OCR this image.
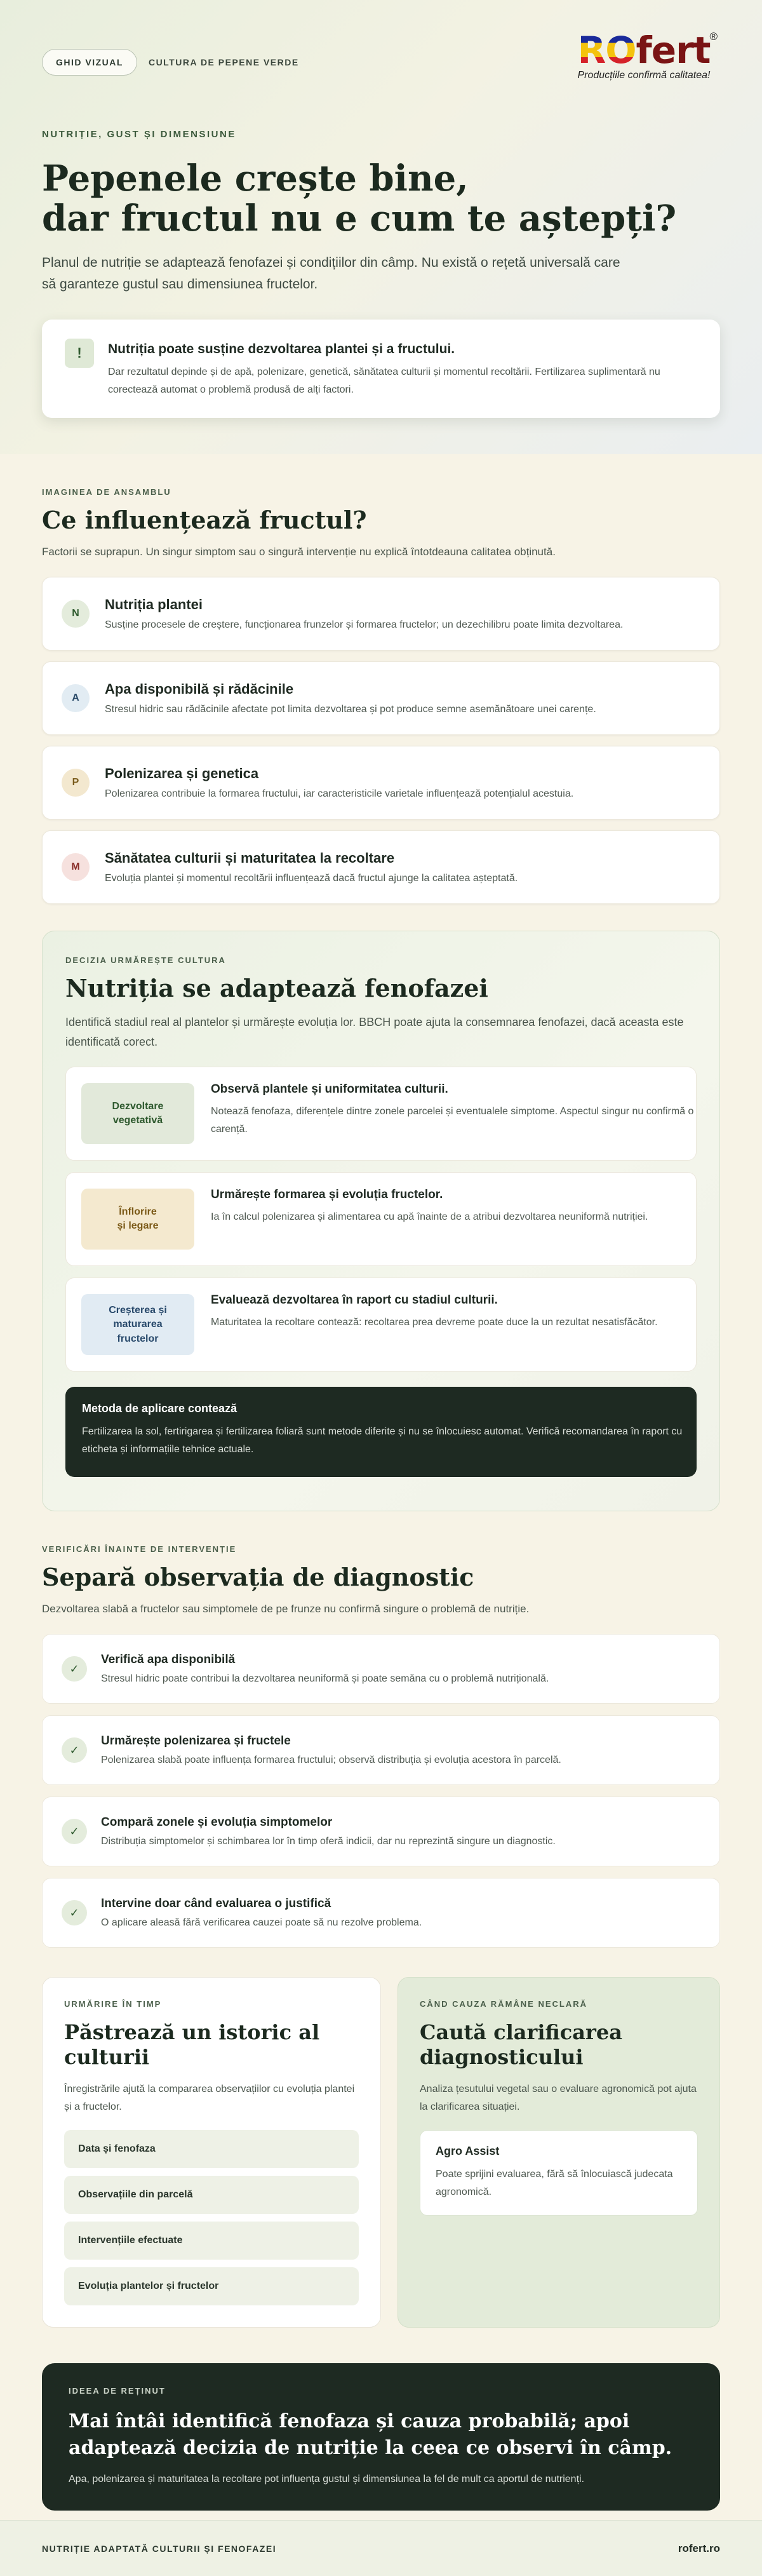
GHID VIZUAL	CULTURA DE PEPENE VERDE	ROfert ®
Producțiile confirmă calitatea!
NUTRIȚIE, GUST ȘI DIMENSIUNE
Pepenele crește bine,
dar fructul nu e cum te aștepți?

Planul de nutriție se adaptează fenofazei și condițiilor din câmp. Nu există o rețetă universală care să garanteze gustul sau dimensiunea fructelor.

!	Nutriția poate susține dezvoltarea plantei și a fructului.
Dar rezultatul depinde și de apă, polenizare, genetică, sănătatea culturii și momentul recoltării. Fertilizarea suplimentară nu corectează automat o problemă produsă de alți factori.
IMAGINEA DE ANSAMBLU
Ce influențează fructul?

Factorii se suprapun. Un singur simptom sau o singură intervenție nu explică întotdeauna calitatea obținută.

N
Nutriția plantei
Susține procesele de creștere, funcționarea frunzelor și formarea fructelor; un dezechilibru poate limita dezvoltarea.
A
Apa disponibilă și rădăcinile
Stresul hidric sau rădăcinile afectate pot limita dezvoltarea și pot produce semne asemănătoare unei carențe.
P
Polenizarea și genetica
Polenizarea contribuie la formarea fructului, iar caracteristicile varietale influențează potențialul acestuia.
M
Sănătatea culturii și maturitatea la recoltare
Evoluția plantei și momentul recoltării influențează dacă fructul ajunge la calitatea așteptată.
DECIZIA URMĂREȘTE CULTURA
Nutriția se adaptează fenofazei

Identifică stadiul real al plantelor și urmărește evoluția lor. BBCH poate ajuta la consemnarea fenofazei, dacă aceasta este identificată corect.

Dezvoltare
vegetativă
Observă plantele și uniformitatea culturii.
Notează fenofaza, diferențele dintre zonele parcelei și eventualele simptome. Aspectul singur nu confirmă o carență.
Înflorire
și legare
Urmărește formarea și evoluția fructelor.
Ia în calcul polenizarea și alimentarea cu apă înainte de a atribui dezvoltarea neuniformă nutriției.
Creșterea și
maturarea
fructelor
Evaluează dezvoltarea în raport cu stadiul culturii.
Maturitatea la recoltare contează: recoltarea prea devreme poate duce la un rezultat nesatisfăcător.
Metoda de aplicare contează
Fertilizarea la sol, fertirigarea și fertilizarea foliară sunt metode diferite și nu se înlocuiesc automat. Verifică recomandarea în raport cu eticheta și informațiile tehnice actuale.
VERIFICĂRI ÎNAINTE DE INTERVENȚIE
Separă observația de diagnostic

Dezvoltarea slabă a fructelor sau simptomele de pe frunze nu confirmă singure o problemă de nutriție.

✓
Verifică apa disponibilă
Stresul hidric poate contribui la dezvoltarea neuniformă și poate semăna cu o problemă nutrițională.
✓
Urmărește polenizarea și fructele
Polenizarea slabă poate influența formarea fructului; observă distribuția și evoluția acestora în parcelă.
✓
Compară zonele și evoluția simptomelor
Distribuția simptomelor și schimbarea lor în timp oferă indicii, dar nu reprezintă singure un diagnostic.
✓
Intervine doar când evaluarea o justifică
O aplicare aleasă fără verificarea cauzei poate să nu rezolve problema.
URMĂRIRE ÎN TIMP
Păstrează un istoric al culturii

Înregistrările ajută la compararea observațiilor cu evoluția plantei și a fructelor.

Data și fenofaza
Observațiile din parcelă
Intervențiile efectuate
Evoluția plantelor și fructelor
CÂND CAUZA RĂMÂNE NECLARĂ
Caută clarificarea diagnosticului

Analiza țesutului vegetal sau o evaluare agronomică pot ajuta la clarificarea situației.

Agro Assist
Poate sprijini evaluarea, fără să înlocuiască judecata agronomică.
IDEEA DE REȚINUT
Mai întâi identifică fenofaza și cauza probabilă; apoi adaptează decizia de nutriție la ceea ce observi în câmp.
Apa, polenizarea și maturitatea la recoltare pot influența gustul și dimensiunea la fel de mult ca aportul de nutrienți.
NUTRIȚIE ADAPTATĂ CULTURII ȘI FENOFAZEI	rofert.ro
